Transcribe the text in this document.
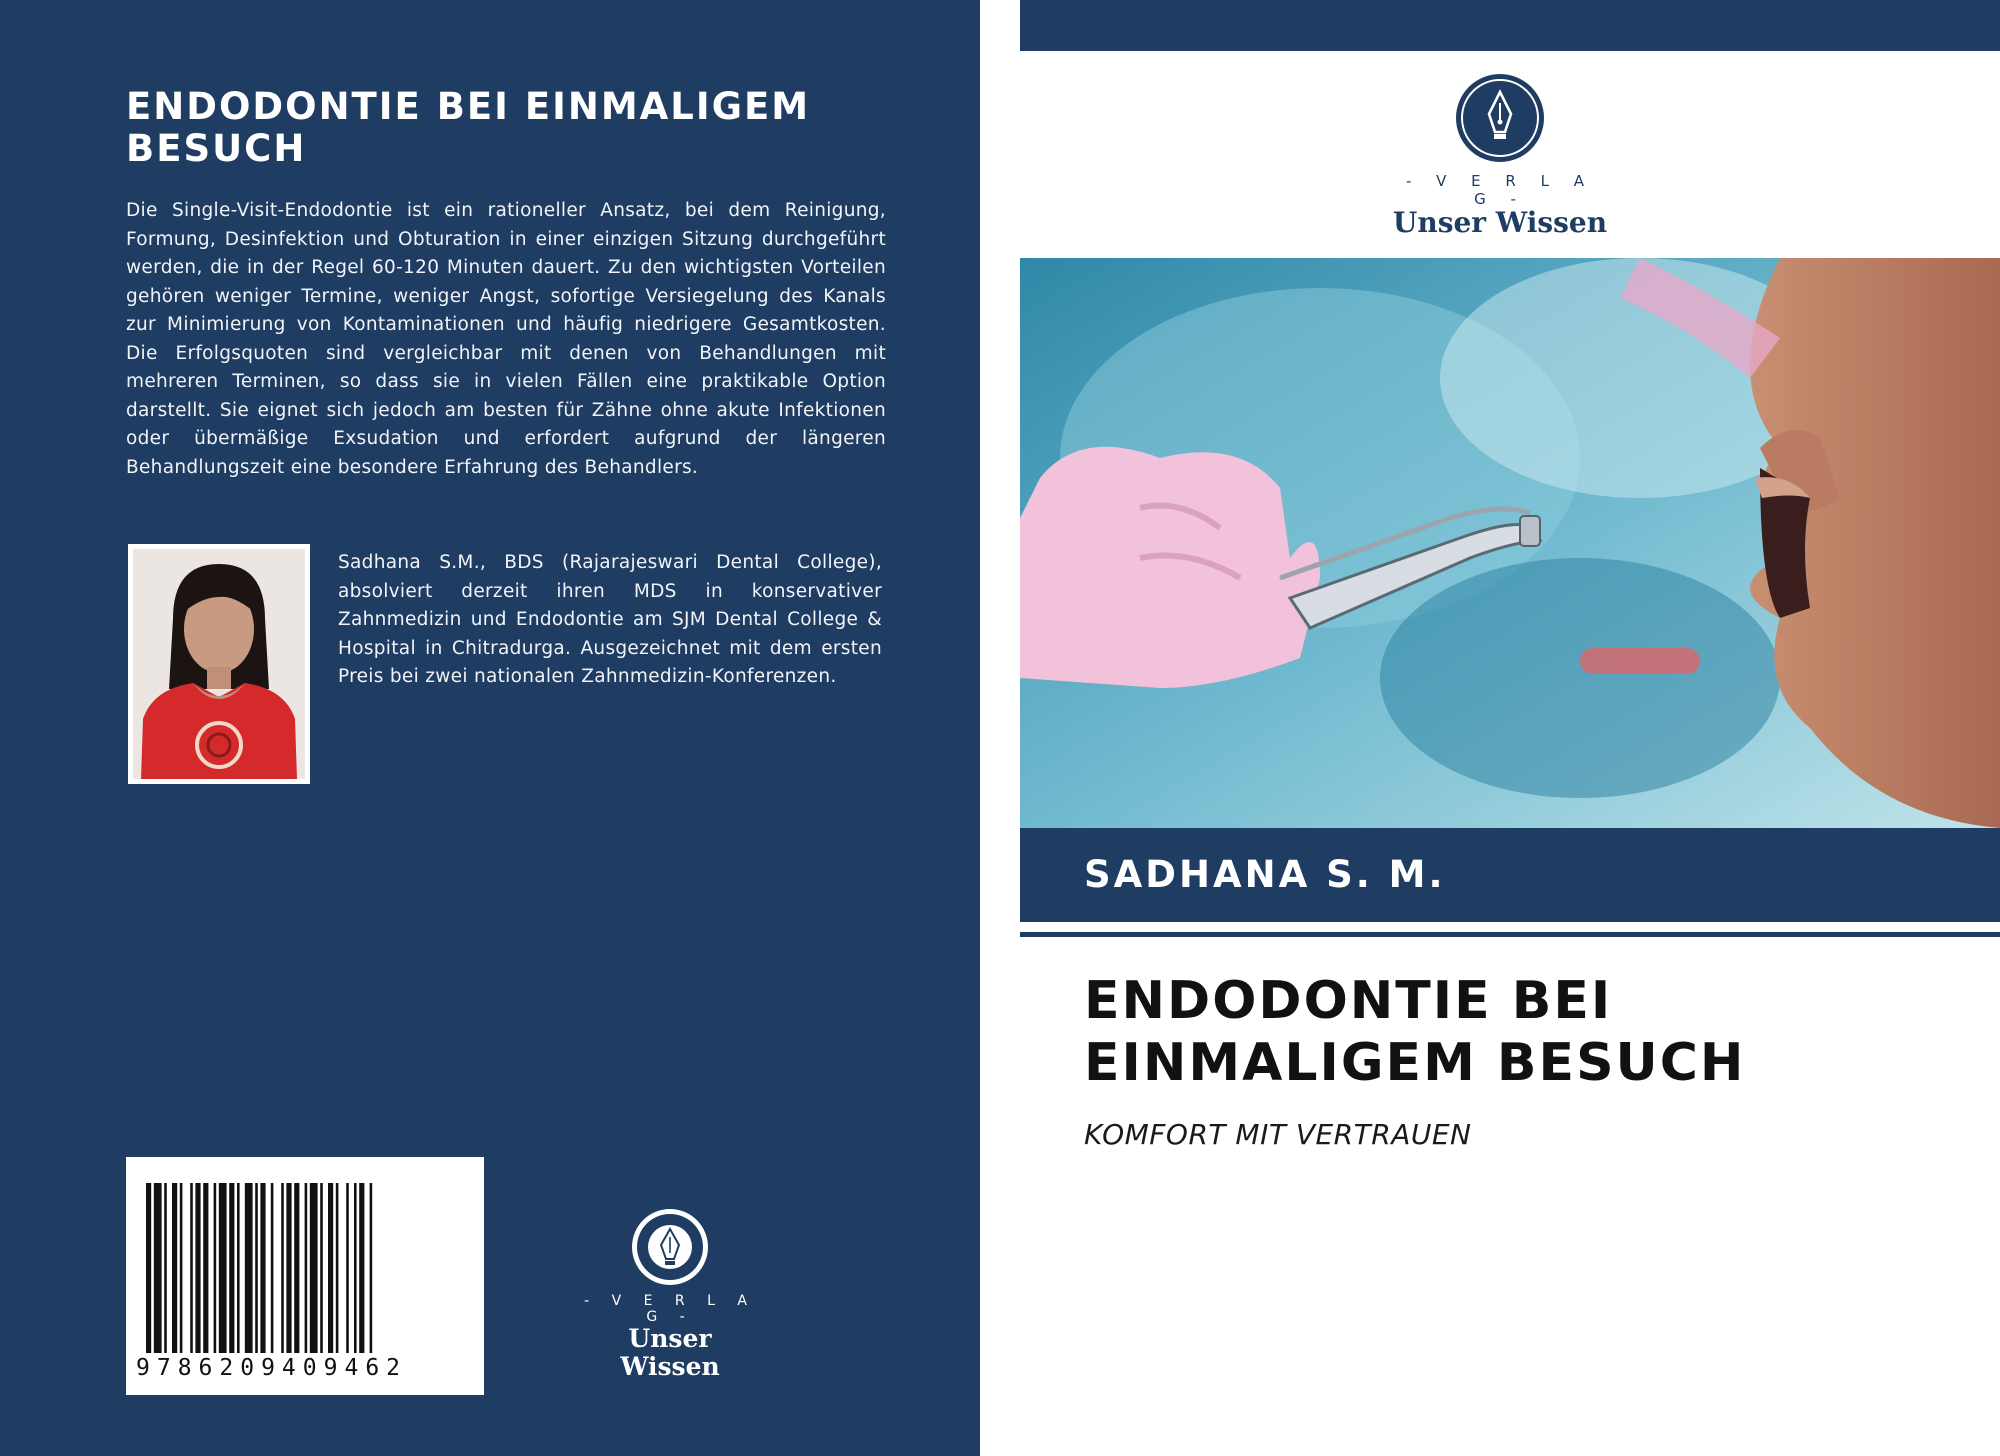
ENDODONTIE BEI EINMALIGEM BESUCH

Die Single-Visit-Endodontie ist ein rationeller Ansatz, bei dem Reinigung, Formung, Desinfektion und Obturation in einer einzigen Sitzung durchgeführt werden, die in der Regel 60-120 Minuten dauert. Zu den wichtigsten Vorteilen gehören weniger Termine, weniger Angst, sofortige Versiegelung des Kanals zur Minimierung von Kontaminationen und häufig niedrigere Gesamtkosten. Die Erfolgsquoten sind vergleichbar mit denen von Behandlungen mit mehreren Terminen, so dass sie in vielen Fällen eine praktikable Option darstellt. Sie eignet sich jedoch am besten für Zähne ohne akute Infektionen oder übermäßige Exsudation und erfordert aufgrund der längeren Behandlungszeit eine besondere Erfahrung des Behandlers.

Sadhana S.M., BDS (Rajarajeswari Dental College), absolviert derzeit ihren MDS in konservativer Zahnmedizin und Endodontie am SJM Dental College & Hospital in Chitradurga. Ausgezeichnet mit dem ersten Preis bei zwei nationalen Zahnmedizin-Konferenzen.

9786209409462
- V E R L A G -
Unser Wissen
- V E R L A G -
Unser Wissen
SADHANA S. M.
ENDODONTIE BEI EINMALIGEM BESUCH
KOMFORT MIT VERTRAUEN
